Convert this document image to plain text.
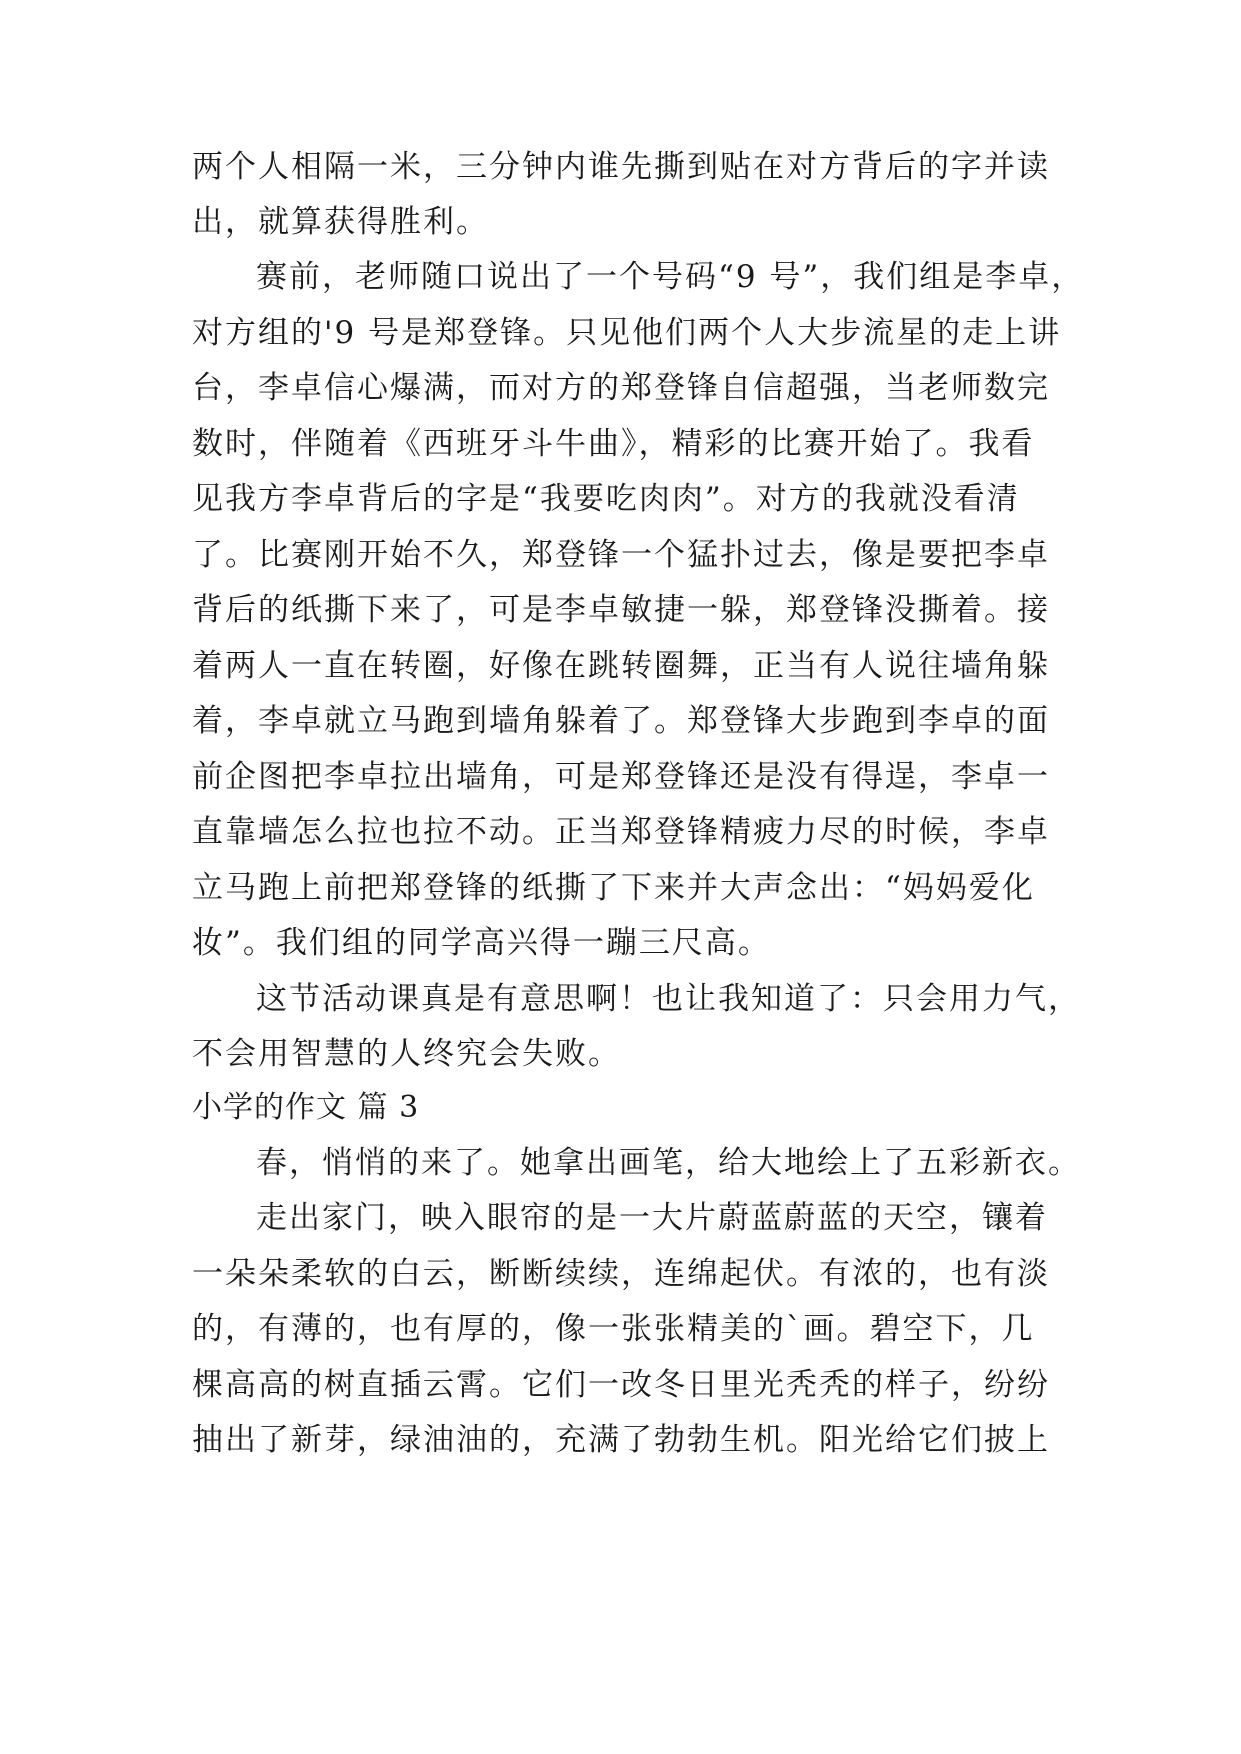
两个人相隔一米，三分钟内谁先撕到贴在对方背后的字并读
出，就算获得胜利。
赛前，老师随口说出了一个号码“9 号”，我们组是李卓，
对方组的'9 号是郑登锋。只见他们两个人大步流星的走上讲
台，李卓信心爆满，而对方的郑登锋自信超强，当老师数完
数时，伴随着《西班牙斗牛曲》，精彩的比赛开始了。我看
见我方李卓背后的字是“我要吃肉肉”。对方的我就没看清
了。比赛刚开始不久，郑登锋一个猛扑过去，像是要把李卓
背后的纸撕下来了，可是李卓敏捷一躲，郑登锋没撕着。接
着两人一直在转圈，好像在跳转圈舞，正当有人说往墙角躲
着，李卓就立马跑到墙角躲着了。郑登锋大步跑到李卓的面
前企图把李卓拉出墙角，可是郑登锋还是没有得逞，李卓一
直靠墙怎么拉也拉不动。正当郑登锋精疲力尽的时候，李卓
立马跑上前把郑登锋的纸撕了下来并大声念出：“妈妈爱化
妆”。我们组的同学高兴得一蹦三尺高。
这节活动课真是有意思啊！也让我知道了：只会用力气，
不会用智慧的人终究会失败。
小学的作文 篇 3
春，悄悄的来了。她拿出画笔，给大地绘上了五彩新衣。
走出家门，映入眼帘的是一大片蔚蓝蔚蓝的天空，镶着
一朵朵柔软的白云，断断续续，连绵起伏。有浓的，也有淡
的，有薄的，也有厚的，像一张张精美的`画。碧空下，几
棵高高的树直插云霄。它们一改冬日里光秃秃的样子，纷纷
抽出了新芽，绿油油的，充满了勃勃生机。阳光给它们披上
